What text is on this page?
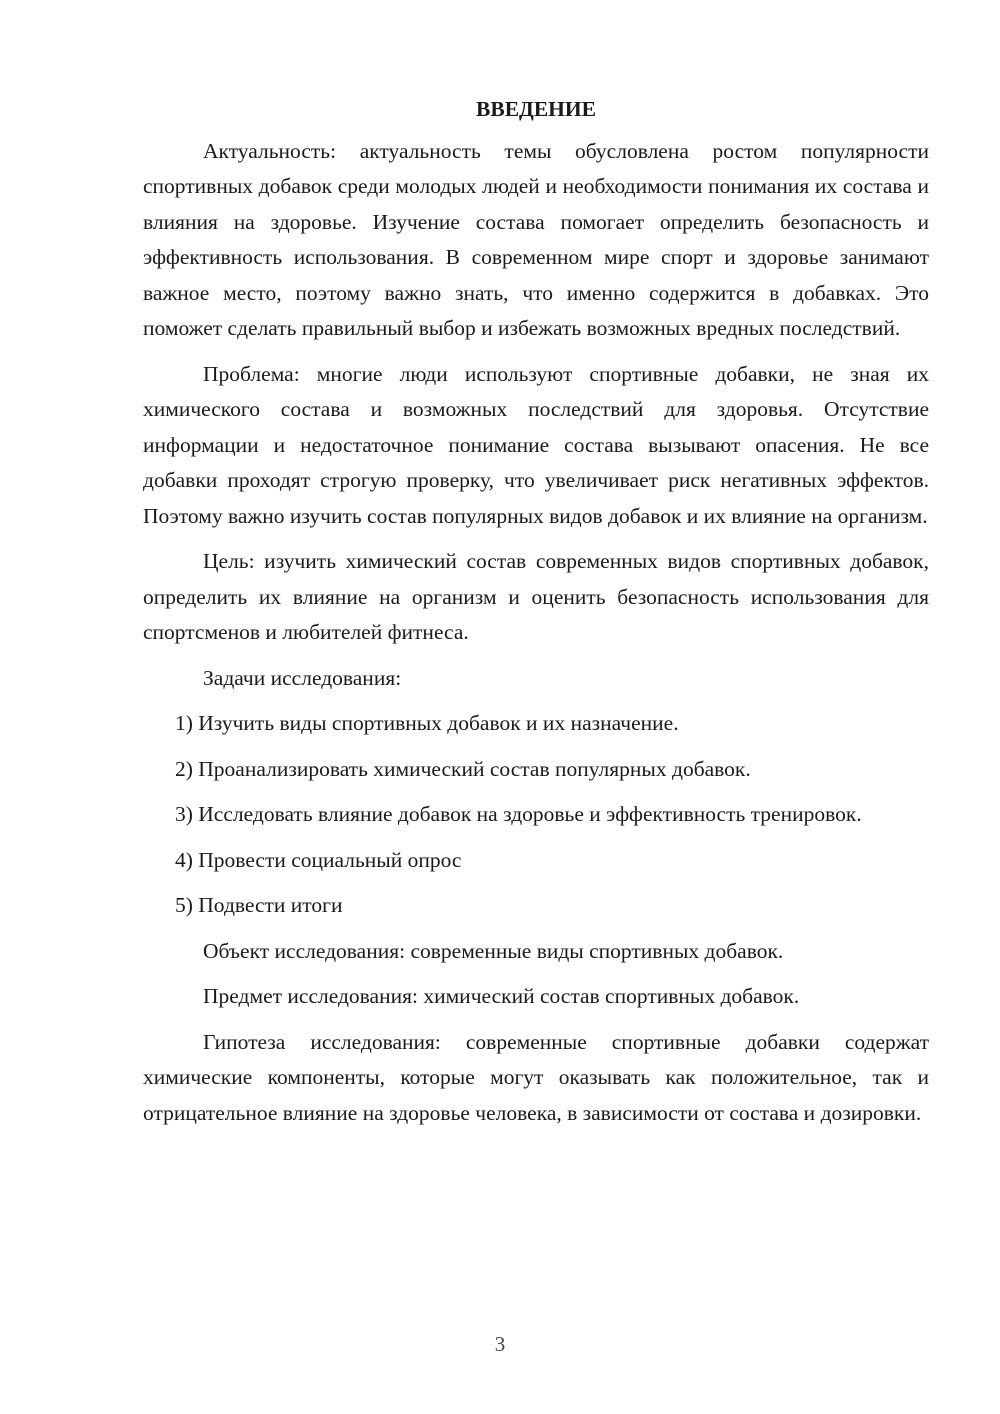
ВВЕДЕНИЕ

Актуальность: актуальность темы обусловлена ростом популярности спортивных добавок среди молодых людей и необходимости понимания их состава и влияния на здоровье. Изучение состава помогает определить безопасность и эффективность использования. В современном мире спорт и здоровье занимают важное место, поэтому важно знать, что именно содержится в добавках. Это поможет сделать правильный выбор и избежать возможных вредных последствий.

Проблема: многие люди используют спортивные добавки, не зная их химического состава и возможных последствий для здоровья. Отсутствие информации и недостаточное понимание состава вызывают опасения. Не все добавки проходят строгую проверку, что увеличивает риск негативных эффектов. Поэтому важно изучить состав популярных видов добавок и их влияние на организм.

Цель: изучить химический состав современных видов спортивных добавок, определить их влияние на организм и оценить безопасность использования для спортсменов и любителей фитнеса.

Задачи исследования:

1) Изучить виды спортивных добавок и их назначение.

2) Проанализировать химический состав популярных добавок.

3) Исследовать влияние добавок на здоровье и эффективность тренировок.

4) Провести социальный опрос

5) Подвести итоги

Объект исследования: современные виды спортивных добавок.

Предмет исследования: химический состав спортивных добавок.

Гипотеза исследования: современные спортивные добавки содержат химические компоненты, которые могут оказывать как положительное, так и отрицательное влияние на здоровье человека, в зависимости от состава и дозировки.

3
